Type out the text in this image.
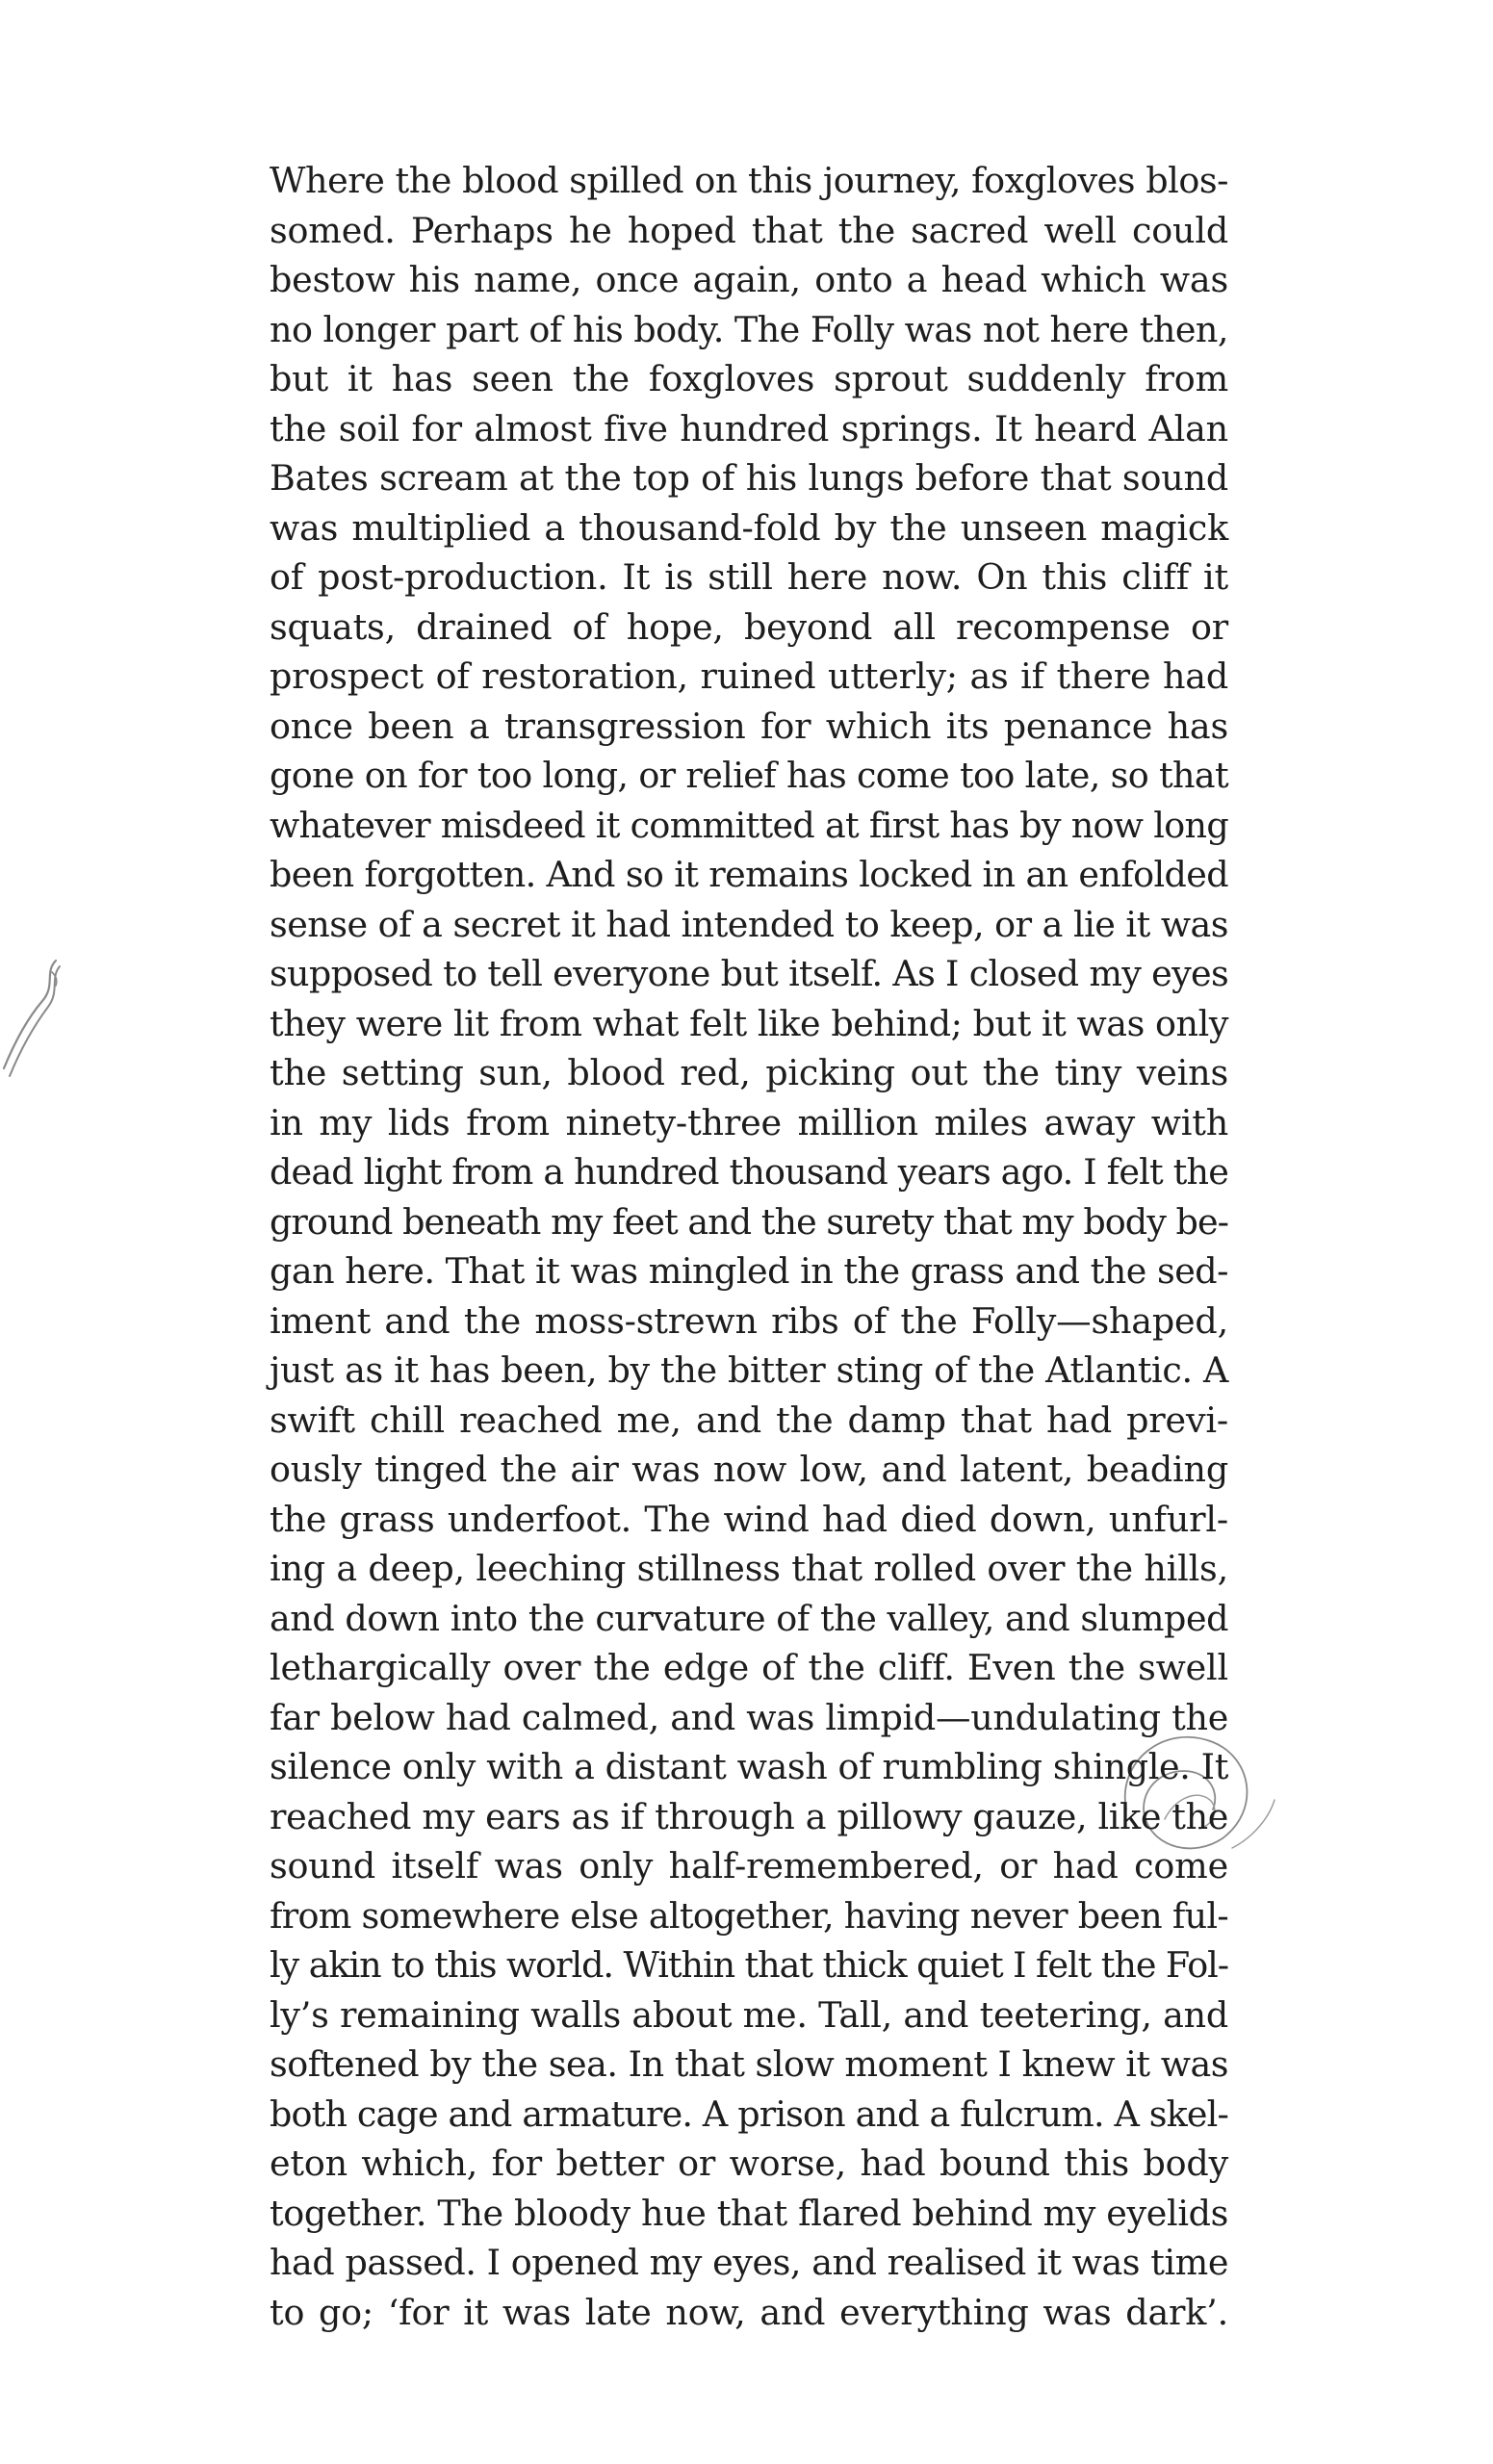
Where the blood spilled on this journey, foxgloves blos-
somed. Perhaps he hoped that the sacred well could
bestow his name, once again, onto a head which was
no longer part of his body. The Folly was not here then,
but it has seen the foxgloves sprout suddenly from
the soil for almost five hundred springs. It heard Alan
Bates scream at the top of his lungs before that sound
was multiplied a thousand-fold by the unseen magick
of post-production. It is still here now. On this cliff it
squats, drained of hope, beyond all recompense or
prospect of restoration, ruined utterly; as if there had
once been a transgression for which its penance has
gone on for too long, or relief has come too late, so that
whatever misdeed it committed at first has by now long
been forgotten. And so it remains locked in an enfolded
sense of a secret it had intended to keep, or a lie it was
supposed to tell everyone but itself. As I closed my eyes
they were lit from what felt like behind; but it was only
the setting sun, blood red, picking out the tiny veins
in my lids from ninety-three million miles away with
dead light from a hundred thousand years ago. I felt the
ground beneath my feet and the surety that my body be-
gan here. That it was mingled in the grass and the sed-
iment and the moss-strewn ribs of the Folly—shaped,
just as it has been, by the bitter sting of the Atlantic. A
swift chill reached me, and the damp that had previ-
ously tinged the air was now low, and latent, beading
the grass underfoot. The wind had died down, unfurl-
ing a deep, leeching stillness that rolled over the hills,
and down into the curvature of the valley, and slumped
lethargically over the edge of the cliff. Even the swell
far below had calmed, and was limpid—undulating the
silence only with a distant wash of rumbling shingle. It
reached my ears as if through a pillowy gauze, like the
sound itself was only half-remembered, or had come
from somewhere else altogether, having never been ful-
ly akin to this world. Within that thick quiet I felt the Fol-
ly’s remaining walls about me. Tall, and teetering, and
softened by the sea. In that slow moment I knew it was
both cage and armature. A prison and a fulcrum. A skel-
eton which, for better or worse, had bound this body
together. The bloody hue that flared behind my eyelids
had passed. I opened my eyes, and realised it was time
to go; ‘for it was late now, and everything was dark’.
